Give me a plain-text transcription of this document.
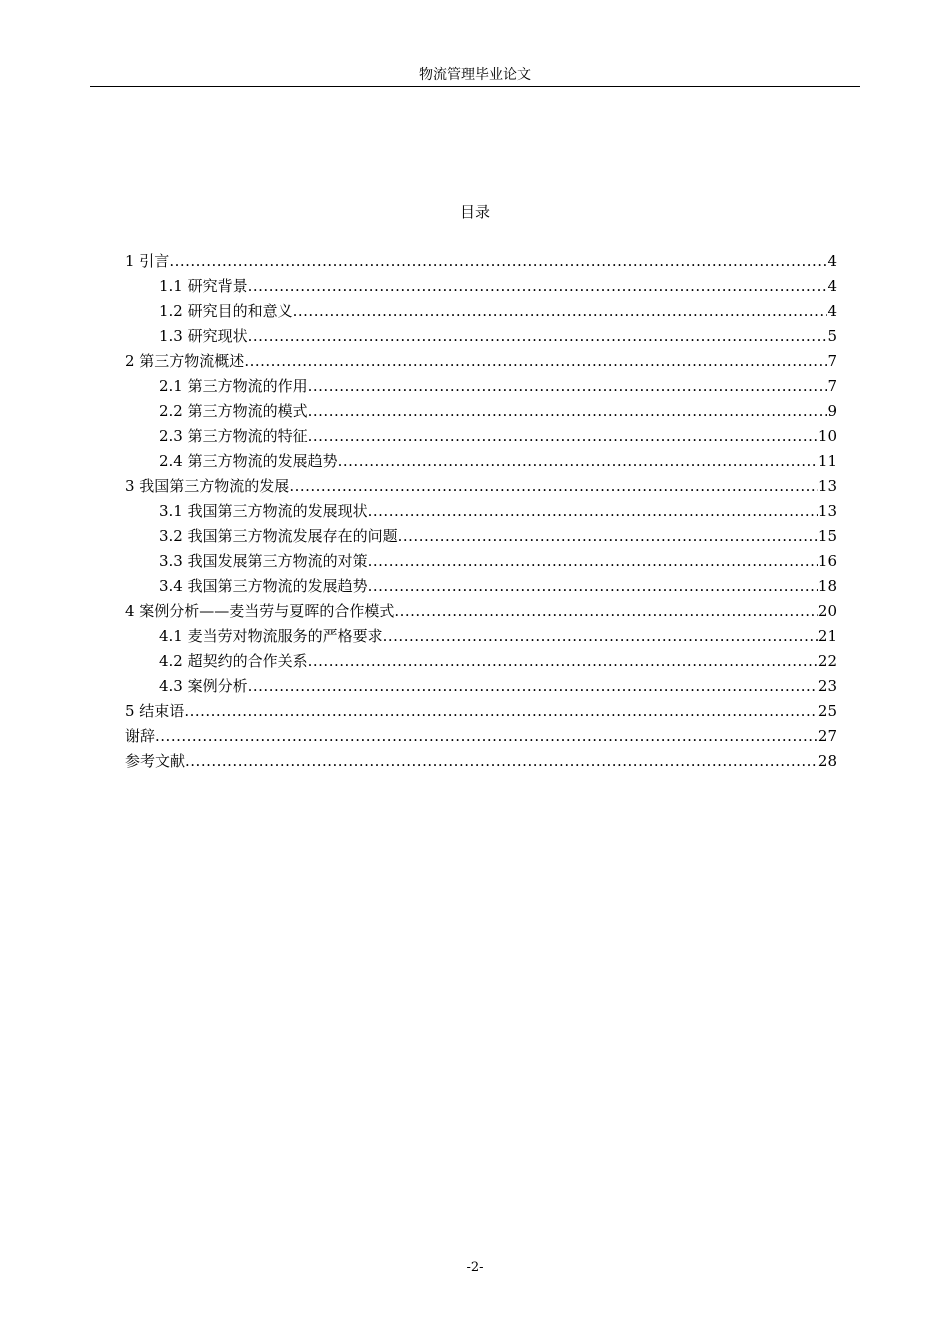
物流管理毕业论文
目录
1 引言 .....	4
1.1 研究背景 .....	4
1.2 研究目的和意义 .....	4
1.3 研究现状 .....	5
2 第三方物流概述 .....	7
2.1 第三方物流的作用 .....	7
2.2 第三方物流的模式 .....	9
2.3 第三方物流的特征 .....	10
2.4 第三方物流的发展趋势 .....	11
3 我国第三方物流的发展 .....	13
3.1 我国第三方物流的发展现状 .....	13
3.2 我国第三方物流发展存在的问题 .....	15
3.3 我国发展第三方物流的对策 .....	16
3.4 我国第三方物流的发展趋势 .....	18
4 案例分析——麦当劳与夏晖的合作模式 .....	20
4.1 麦当劳对物流服务的严格要求 .....	21
4.2 超契约的合作关系 .....	22
4.3 案例分析 .....	23
5 结束语 .....	25
谢辞 .....	27
参考文献 .....	28
-2-
